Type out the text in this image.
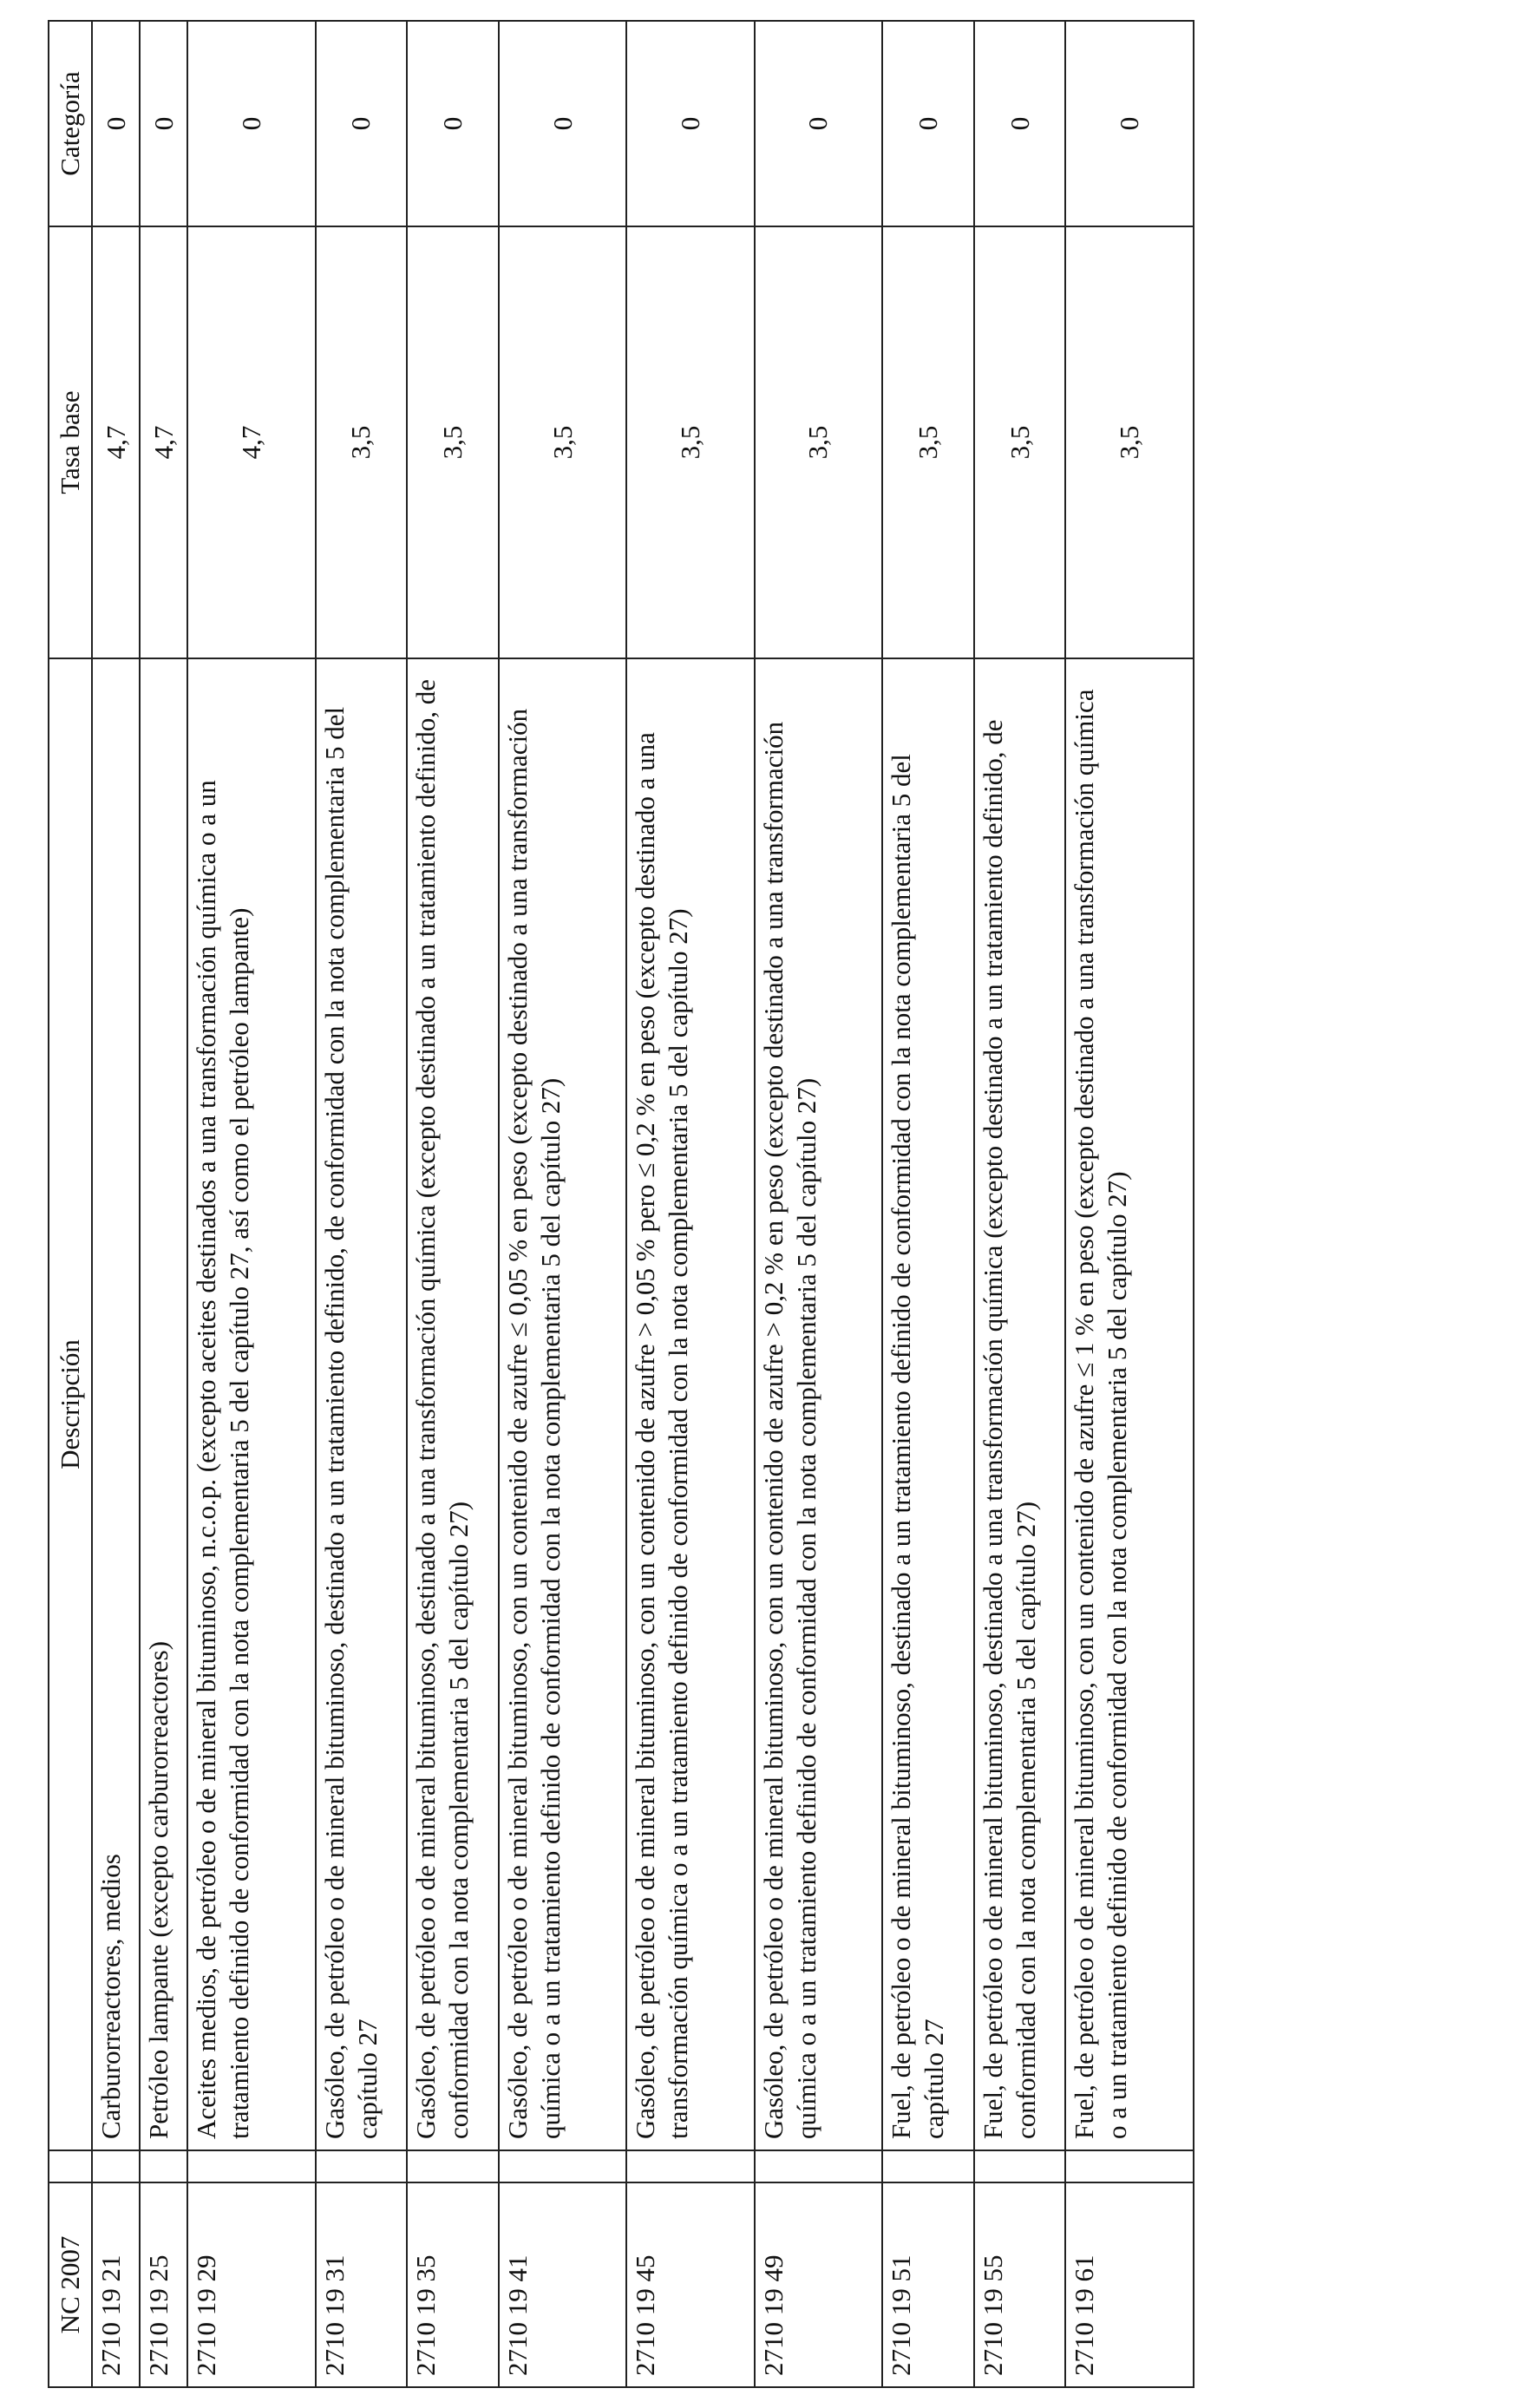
NC 2007		Descripción	Tasa base	Categoría
2710 19 21		Carburorreactores, medios	4,7	0
2710 19 25		Petróleo lampante (excepto carburorreactores)	4,7	0
2710 19 29		Aceites medios, de petróleo o de mineral bituminoso, n.c.o.p. (excepto aceites destinados a una transformación química o a un tratamiento definido de conformidad con la nota complementaria 5 del capítulo 27, así como el petróleo lampante)	4,7	0
2710 19 31		Gasóleo, de petróleo o de mineral bituminoso, destinado a un tratamiento definido, de conformidad con la nota complementaria 5 del capítulo 27	3,5	0
2710 19 35		Gasóleo, de petróleo o de mineral bituminoso, destinado a una transformación química (excepto destinado a un tratamiento definido, de conformidad con la nota complementaria 5 del capítulo 27)	3,5	0
2710 19 41		Gasóleo, de petróleo o de mineral bituminoso, con un contenido de azufre ≤ 0,05 % en peso (excepto destinado a una transformación química o a un tratamiento definido de conformidad con la nota complementaria 5 del capítulo 27)	3,5	0
2710 19 45		Gasóleo, de petróleo o de mineral bituminoso, con un contenido de azufre > 0,05 % pero ≤ 0,2 % en peso (excepto destinado a una transformación química o a un tratamiento definido de conformidad con la nota complementaria 5 del capítulo 27)	3,5	0
2710 19 49		Gasóleo, de petróleo o de mineral bituminoso, con un contenido de azufre > 0,2 % en peso (excepto destinado a una transformación química o a un tratamiento definido de conformidad con la nota complementaria 5 del capítulo 27)	3,5	0
2710 19 51		Fuel, de petróleo o de mineral bituminoso, destinado a un tratamiento definido de conformidad con la nota complementaria 5 del capítulo 27	3,5	0
2710 19 55		Fuel, de petróleo o de mineral bituminoso, destinado a una transformación química (excepto destinado a un tratamiento definido, de conformidad con la nota complementaria 5 del capítulo 27)	3,5	0
2710 19 61		Fuel, de petróleo o de mineral bituminoso, con un contenido de azufre ≤ 1 % en peso (excepto destinado a una transformación química o a un tratamiento definido de conformidad con la nota complementaria 5 del capítulo 27)	3,5	0
